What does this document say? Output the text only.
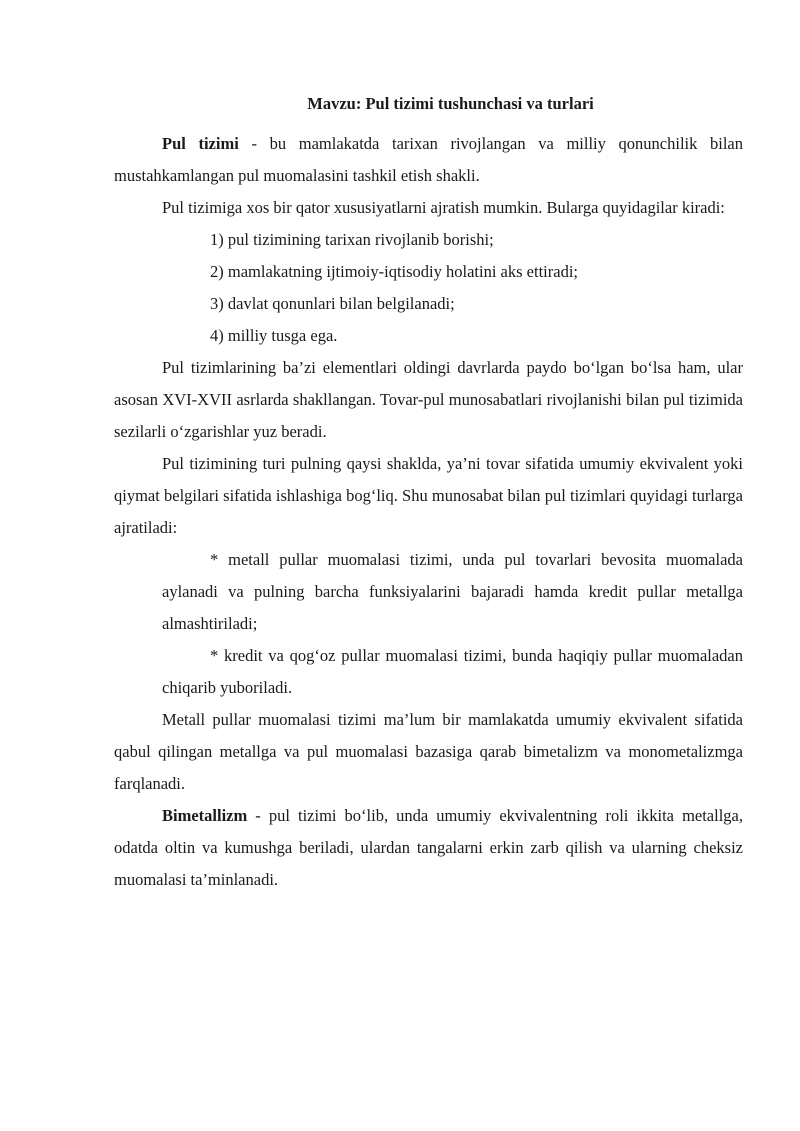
Mavzu: Pul tizimi tushunchasi va turlari

Pul tizimi - bu mamlakatda tarixan rivojlangan va milliy qonunchilik bilan mustahkamlangan pul muomalasini tashkil etish shakli.

Pul tizimiga xos bir qator xususiyatlarni ajratish mumkin. Bularga quyidagilar kiradi:

1) pul tizimining tarixan rivojlanib borishi;

2) mamlakatning ijtimoiy-iqtisodiy holatini aks ettiradi;

3) davlat qonunlari bilan belgilanadi;

4) milliy tusga ega.

Pul tizimlarining ba’zi elementlari oldingi davrlarda paydo bo‘lgan bo‘lsa ham, ular asosan XVI-XVII asrlarda shakllangan. Tovar-pul munosabatlari rivojlanishi bilan pul tizimida sezilarli o‘zgarishlar yuz beradi.

Pul tizimining turi pulning qaysi shaklda, ya’ni tovar sifatida umumiy ekvivalent yoki qiymat belgilari sifatida ishlashiga bog‘liq. Shu munosabat bilan pul tizimlari quyidagi turlarga ajratiladi:

* metall pullar muomalasi tizimi, unda pul tovarlari bevosita muomalada aylanadi va pulning barcha funksiyalarini bajaradi hamda kredit pullar metallga almashtiriladi;

* kredit va qog‘oz pullar muomalasi tizimi, bunda haqiqiy pullar muomaladan chiqarib yuboriladi.

Metall pullar muomalasi tizimi ma’lum bir mamlakatda umumiy ekvivalent sifatida qabul qilingan metallga va pul muomalasi bazasiga qarab bimetalizm va monometalizmga farqlanadi.

Bimetallizm - pul tizimi bo‘lib, unda umumiy ekvivalentning roli ikkita metallga, odatda oltin va kumushga beriladi, ulardan tangalarni erkin zarb qilish va ularning cheksiz muomalasi ta’minlanadi.
